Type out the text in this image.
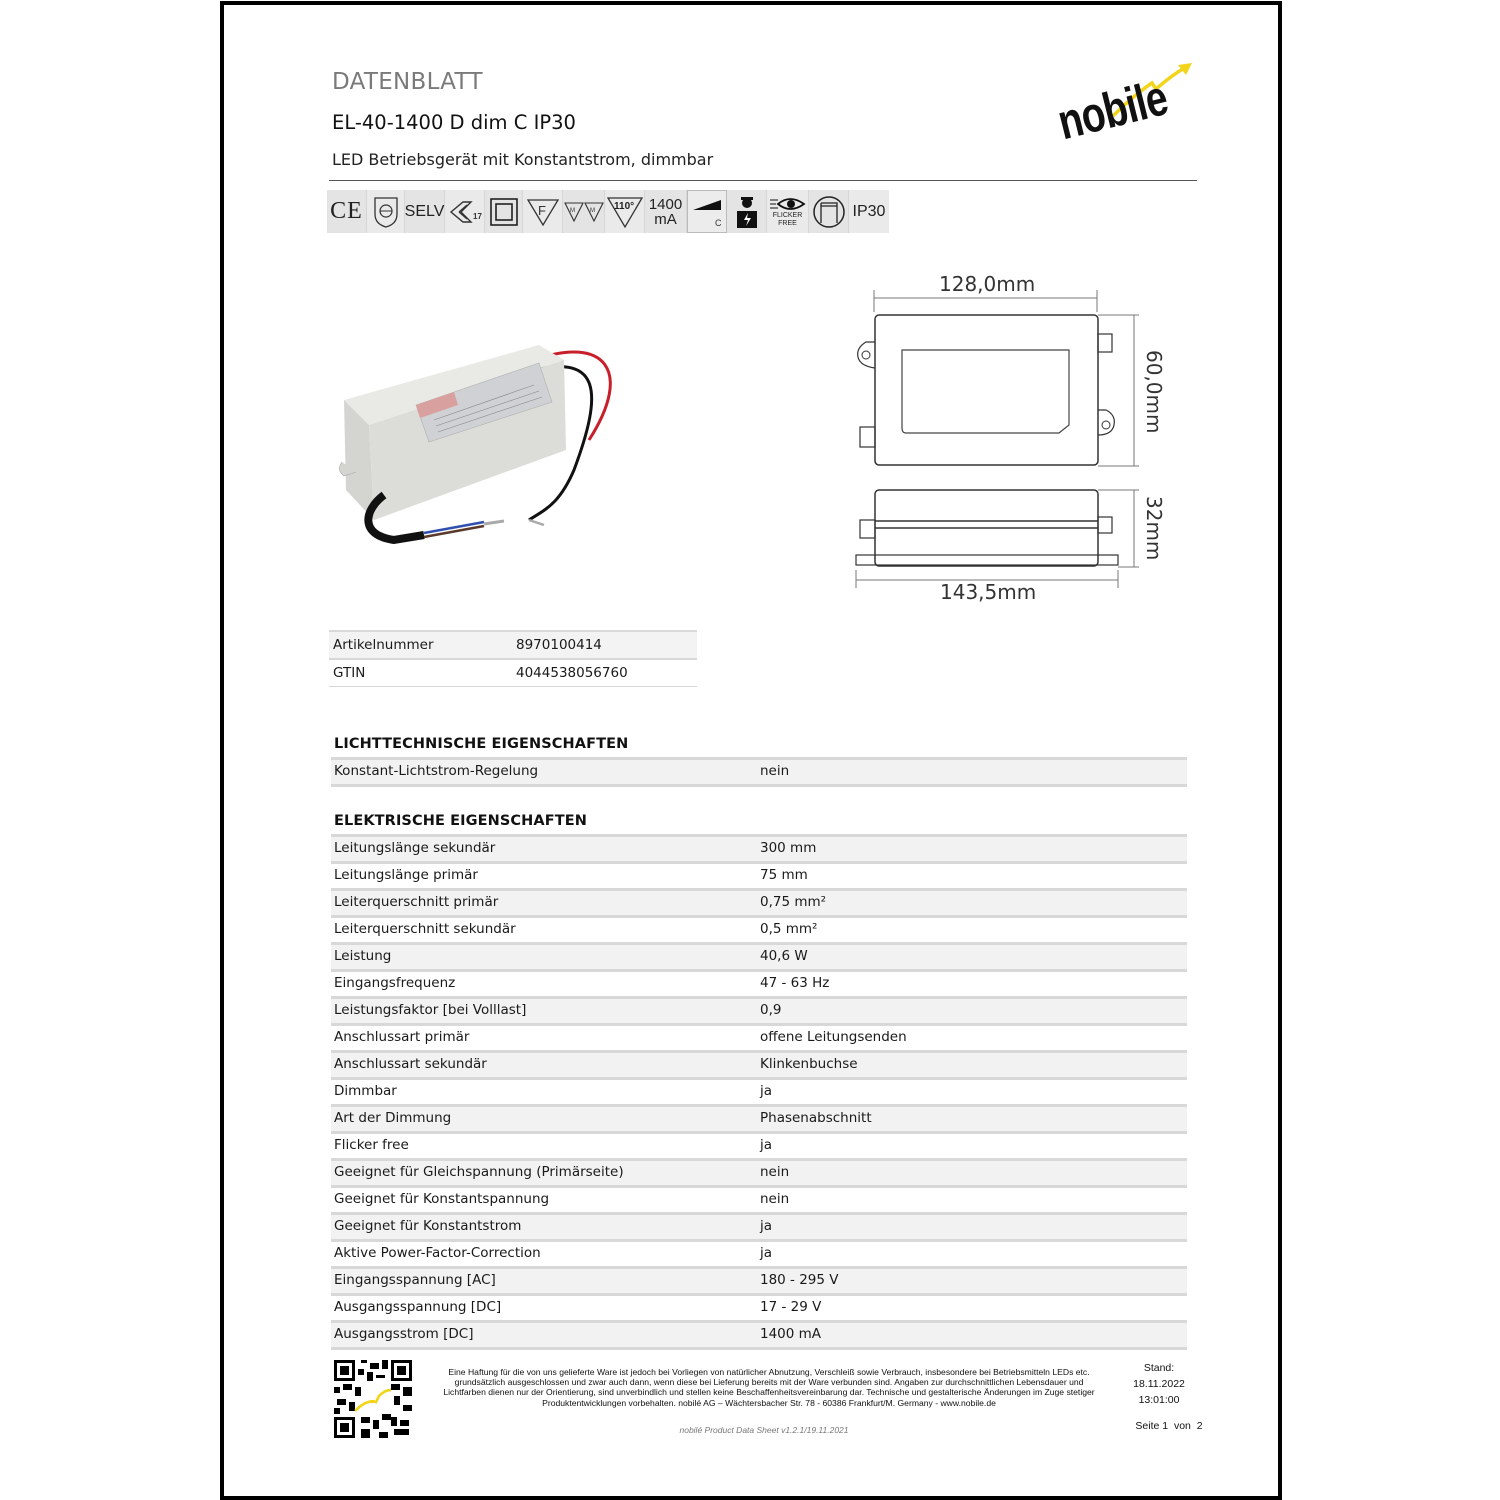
DATENBLATT
EL-40-1400 D dim C IP30
LED Betriebsgerät mit Konstantstrom, dimmbar
nobile
CE	SELV	17	F	M	M 110° 1400
mA	C
FLICKER
FREE
IP30
128,0mm
60,0mm
32mm
143,5mm
Artikelnummer	8970100414
GTIN	4044538056760
LICHTTECHNISCHE EIGENSCHAFTEN
Konstant-Lichtstrom-Regelung	nein
ELEKTRISCHE EIGENSCHAFTEN
Leitungslänge sekundär	300 mm
Leitungslänge primär	75 mm
Leiterquerschnitt primär	0,75 mm²
Leiterquerschnitt sekundär	0,5 mm²
Leistung	40,6 W
Eingangsfrequenz	47 - 63 Hz
Leistungsfaktor [bei Volllast]	0,9
Anschlussart primär	offene Leitungsenden
Anschlussart sekundär	Klinkenbuchse
Dimmbar	ja
Art der Dimmung	Phasenabschnitt
Flicker free	ja
Geeignet für Gleichspannung (Primärseite)	nein
Geeignet für Konstantspannung	nein
Geeignet für Konstantstrom	ja
Aktive Power-Factor-Correction	ja
Eingangsspannung [AC]	180 - 295 V
Ausgangsspannung [DC]	17 - 29 V
Ausgangsstrom [DC]	1400 mA
Eine Haftung für die von uns gelieferte Ware ist jedoch bei Vorliegen von natürlicher Abnutzung, Verschleiß sowie Verbrauch, insbesondere bei Betriebsmitteln LEDs etc.
grundsätzlich ausgeschlossen und zwar auch dann, wenn diese bei Lieferung bereits mit der Ware verbunden sind. Angaben zur durchschnittlichen Lebensdauer und
Lichtfarben dienen nur der Orientierung, sind unverbindlich und stellen keine Beschaffenheitsvereinbarung dar. Technische und gestalterische Änderungen im Zuge stetiger
Produktentwicklungen vorbehalten. nobilé AG – Wächtersbacher Str. 78 - 60386 Frankfurt/M. Germany - www.nobile.de
nobilé Product Data Sheet v1.2.1/19.11.2021
Stand:
18.11.2022
13:01:00
Seite 1  von  2
